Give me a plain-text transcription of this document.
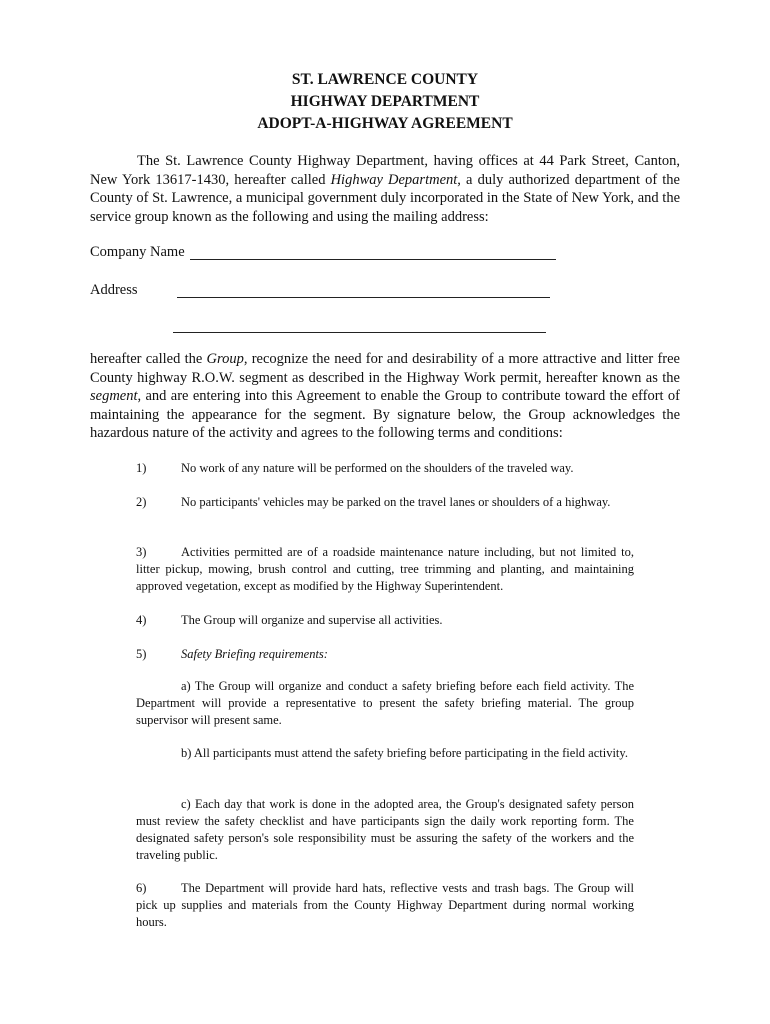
ST. LAWRENCE COUNTY
HIGHWAY DEPARTMENT
ADOPT-A-HIGHWAY AGREEMENT
The St. Lawrence County Highway Department, having offices at 44 Park Street, Canton, New York 13617-1430, hereafter called Highway Department, a duly authorized department of the County of St. Lawrence, a municipal government duly incorporated in the State of New York, and the service group known as the following and using the mailing address:
Company Name
Address
hereafter called the Group, recognize the need for and desirability of a more attractive and litter free County highway R.O.W. segment as described in the Highway Work permit, hereafter known as the segment, and are entering into this Agreement to enable the Group to contribute toward the effort of maintaining the appearance for the segment. By signature below, the Group acknowledges the hazardous nature of the activity and agrees to the following terms and conditions:
1)	No work of any nature will be performed on the shoulders of the traveled way.
2)	No participants' vehicles may be parked on the travel lanes or shoulders of a highway.
3)	Activities permitted are of a roadside maintenance nature including, but not limited to, litter pickup, mowing, brush control and cutting, tree trimming and planting, and maintaining approved vegetation, except as modified by the Highway Superintendent.
4)	The Group will organize and supervise all activities.
5)	Safety Briefing requirements:
a) The Group will organize and conduct a safety briefing before each field activity. The Department will provide a representative to present the safety briefing material. The group supervisor will present same.
b) All participants must attend the safety briefing before participating in the field activity.
c) Each day that work is done in the adopted area, the Group's designated safety person must review the safety checklist and have participants sign the daily work reporting form. The designated safety person's sole responsibility must be assuring the safety of the workers and the traveling public.
6)	The Department will provide hard hats, reflective vests and trash bags. The Group will pick up supplies and materials from the County Highway Department during normal working hours.
